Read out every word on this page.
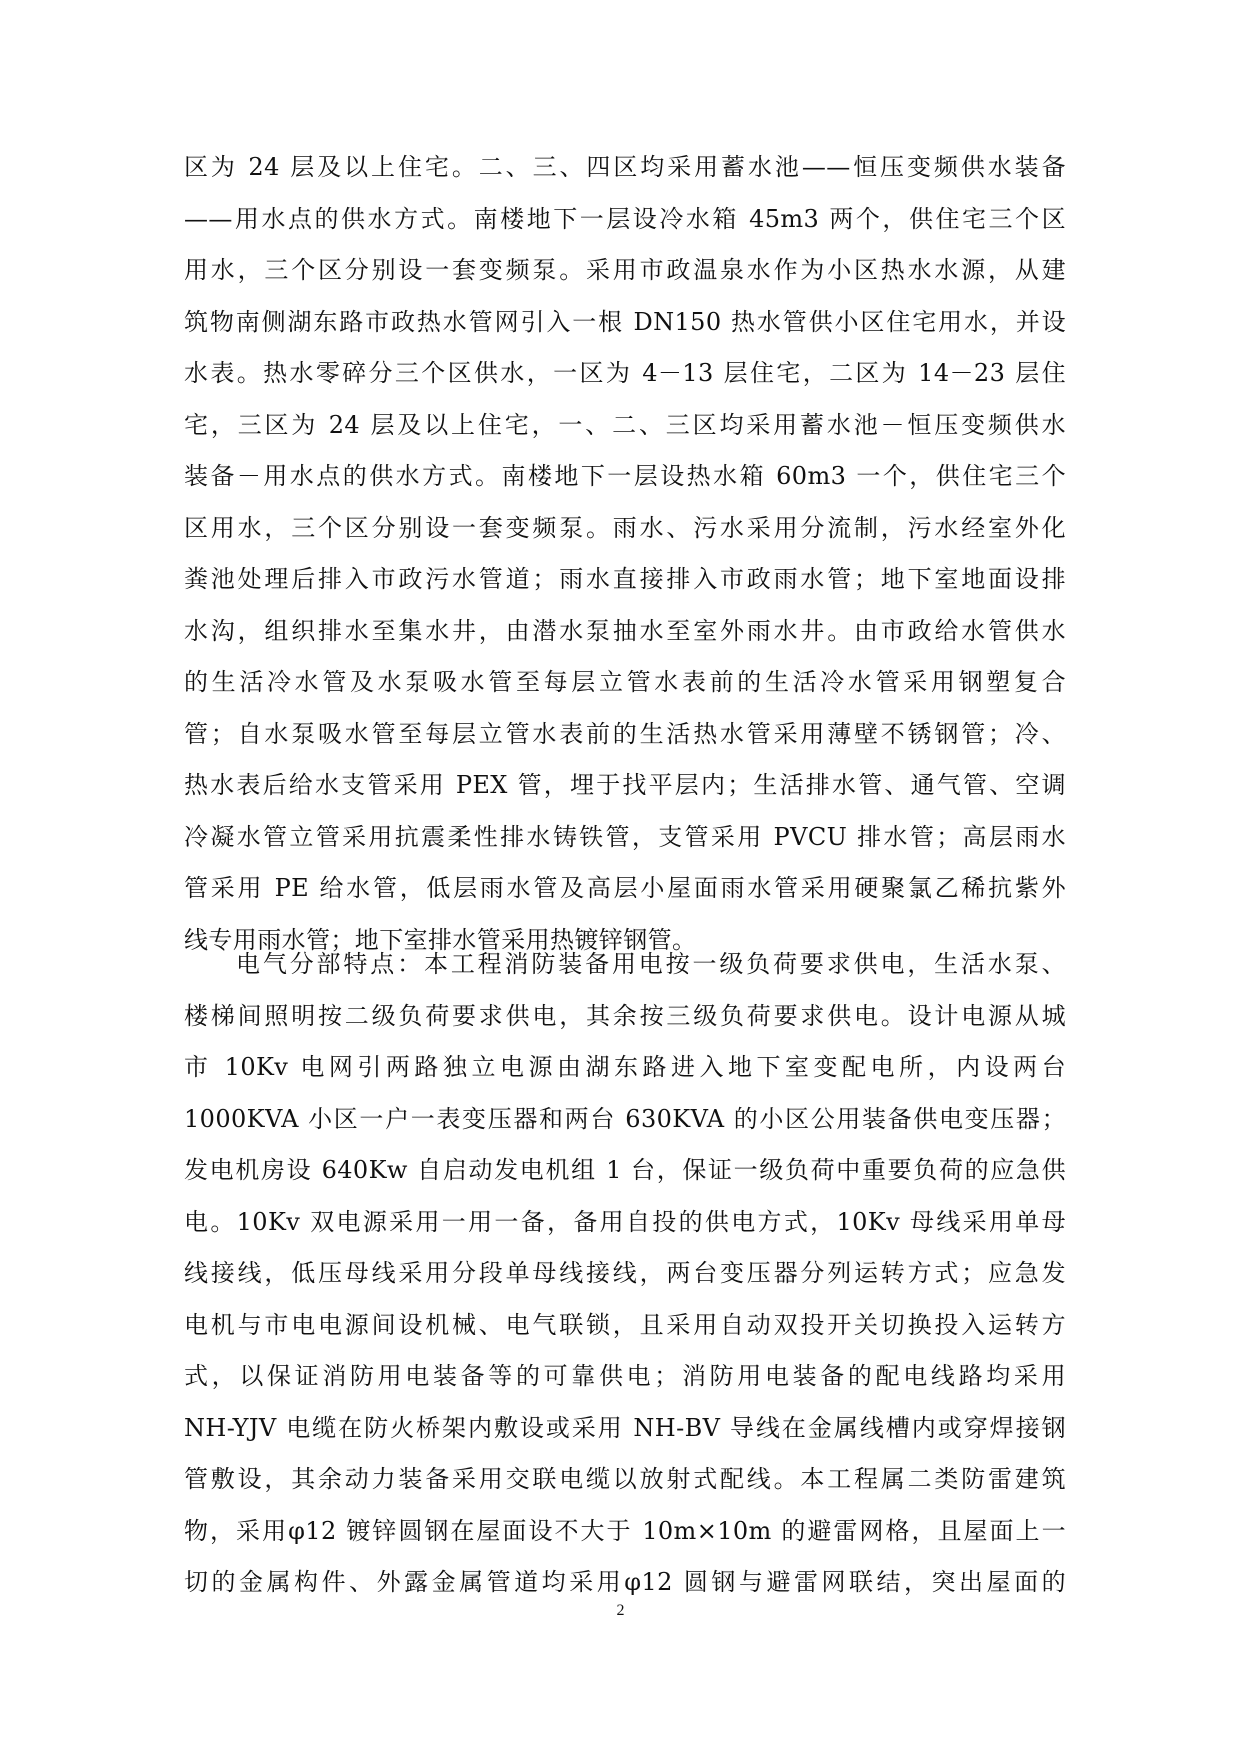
区为 24 层及以上住宅。二、三、四区均采用蓄水池——恒压变频供水装备
——用水点的供水方式。南楼地下一层设冷水箱 45m3 两个，供住宅三个区
用水，三个区分别设一套变频泵。采用市政温泉水作为小区热水水源，从建
筑物南侧湖东路市政热水管网引入一根 DN150 热水管供小区住宅用水，并设
水表。热水零碎分三个区供水，一区为 4－13 层住宅，二区为 14－23 层住
宅，三区为 24 层及以上住宅，一、二、三区均采用蓄水池－恒压变频供水
装备－用水点的供水方式。南楼地下一层设热水箱 60m3 一个，供住宅三个
区用水，三个区分别设一套变频泵。雨水、污水采用分流制，污水经室外化
粪池处理后排入市政污水管道；雨水直接排入市政雨水管；地下室地面设排
水沟，组织排水至集水井，由潜水泵抽水至室外雨水井。由市政给水管供水
的生活冷水管及水泵吸水管至每层立管水表前的生活冷水管采用钢塑复合
管；自水泵吸水管至每层立管水表前的生活热水管采用薄壁不锈钢管；冷、
热水表后给水支管采用 PEX 管，埋于找平层内；生活排水管、通气管、空调
冷凝水管立管采用抗震柔性排水铸铁管，支管采用 PVCU 排水管；高层雨水
管采用 PE 给水管，低层雨水管及高层小屋面雨水管采用硬聚氯乙稀抗紫外
线专用雨水管；地下室排水管采用热镀锌钢管。
电气分部特点：本工程消防装备用电按一级负荷要求供电，生活水泵、
楼梯间照明按二级负荷要求供电，其余按三级负荷要求供电。设计电源从城
市 10Kv 电网引两路独立电源由湖东路进入地下室变配电所，内设两台
1000KVA 小区一户一表变压器和两台 630KVA 的小区公用装备供电变压器；
发电机房设 640Kw 自启动发电机组 1 台，保证一级负荷中重要负荷的应急供
电。10Kv 双电源采用一用一备，备用自投的供电方式，10Kv 母线采用单母
线接线，低压母线采用分段单母线接线，两台变压器分列运转方式；应急发
电机与市电电源间设机械、电气联锁，且采用自动双投开关切换投入运转方
式，以保证消防用电装备等的可靠供电；消防用电装备的配电线路均采用
NH-YJV 电缆在防火桥架内敷设或采用 NH-BV 导线在金属线槽内或穿焊接钢
管敷设，其余动力装备采用交联电缆以放射式配线。本工程属二类防雷建筑
物，采用φ12 镀锌圆钢在屋面设不大于 10m×10m 的避雷网格，且屋面上一
切的金属构件、外露金属管道均采用φ12 圆钢与避雷网联结，突出屋面的
2
